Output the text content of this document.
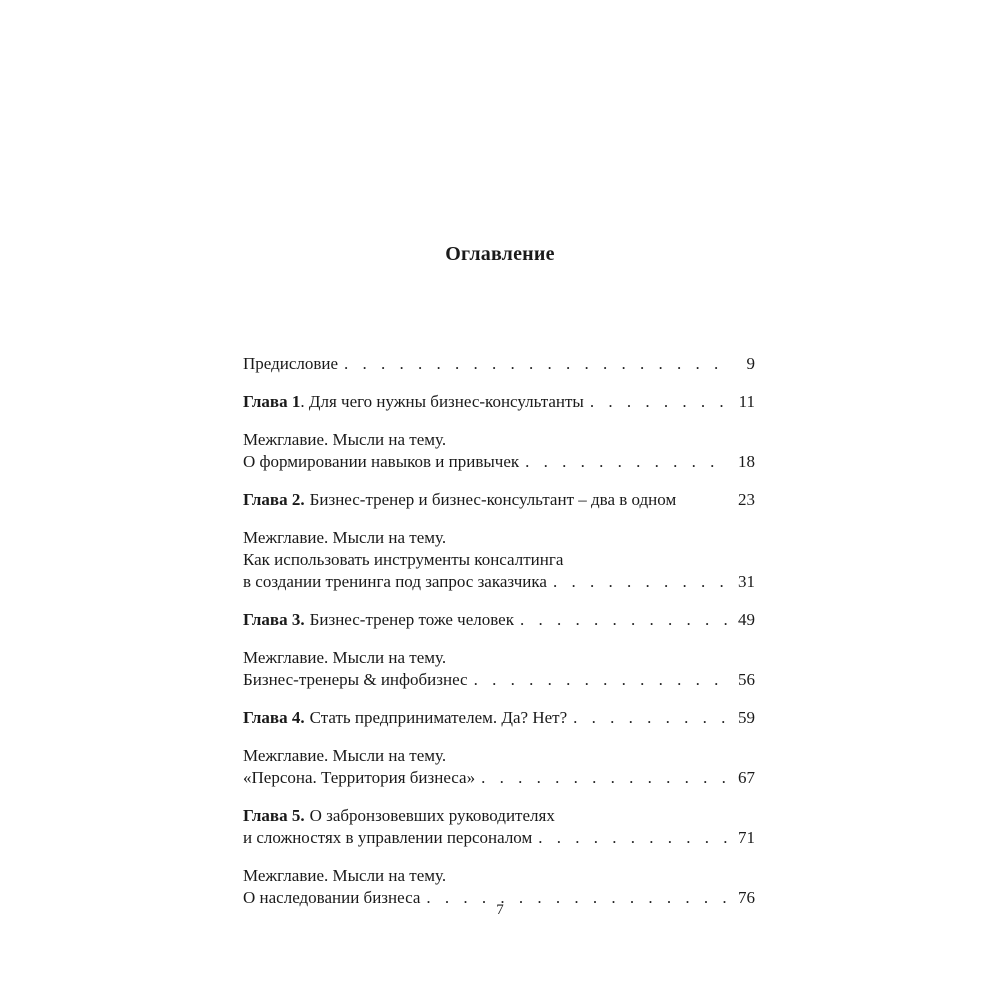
Оглавление
Предисловие . . .	9
Глава 1 . Для чего нужны бизнес-консультанты . . .	11
Межглавие. Мысли на тему.
О формировании навыков и привычек . . .	18
Глава 2. Бизнес-тренер и бизнес-консультант – два в одном	23
Межглавие. Мысли на тему.
Как использовать инструменты консалтинга
в создании тренинга под запрос заказчика . . .	31
Глава 3. Бизнес-тренер тоже человек . . .	49
Межглавие. Мысли на тему.
Бизнес-тренеры & инфобизнес . . .	56
Глава 4. Стать предпринимателем. Да? Нет? . . .	59
Межглавие. Мысли на тему.
«Персона. Территория бизнеса» . . .	67
Глава 5. О забронзовевших руководителях
и сложностях в управлении персоналом . . .	71
Межглавие. Мысли на тему.
О наследовании бизнеса . . .	76
7
